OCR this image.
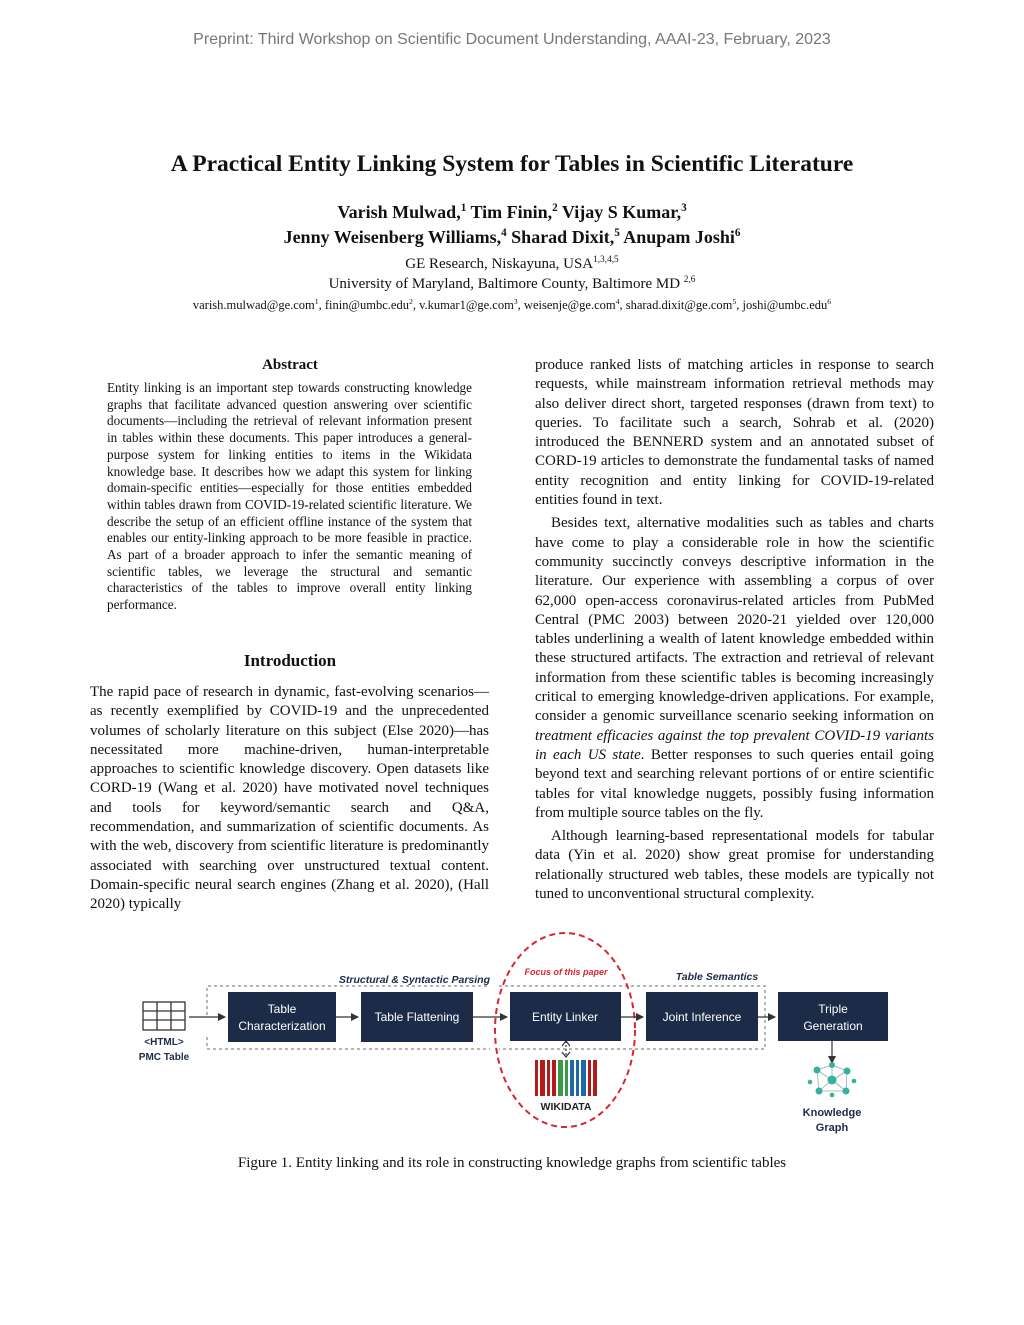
Preprint: Third Workshop on Scientific Document Understanding, AAAI-23, February, 2023
A Practical Entity Linking System for Tables in Scientific Literature
Varish Mulwad,$^1$ Tim Finin,$^2$ Vijay S Kumar,$^3$
Jenny Weisenberg Williams,$^4$ Sharad Dixit,$^5$ Anupam Joshi$^6$
GE Research, Niskayuna, USA$^{1,3,4,5}$
University of Maryland, Baltimore County, Baltimore MD $^{2,6}$
varish.mulwad@ge.com$^1$, finin@umbc.edu$^2$, v.kumar1@ge.com$^3$, weisenje@ge.com$^4$, sharad.dixit@ge.com$^5$, joshi@umbc.edu$^6$
Abstract

Entity linking is an important step towards constructing knowledge graphs that facilitate advanced question answering over scientific documents—including the retrieval of relevant information present in tables within these documents. This paper introduces a general-purpose system for linking entities to items in the Wikidata knowledge base. It describes how we adapt this system for linking domain-specific entities—especially for those entities embedded within tables drawn from COVID-19-related scientific literature. We describe the setup of an efficient offline instance of the system that enables our entity-linking approach to be more feasible in practice. As part of a broader approach to infer the semantic meaning of scientific tables, we leverage the structural and semantic characteristics of the tables to improve overall entity linking performance.

Introduction

The rapid pace of research in dynamic, fast-evolving scenarios—as recently exemplified by COVID-19 and the unprecedented volumes of scholarly literature on this subject (Else 2020)—has necessitated more machine-driven, human-interpretable approaches to scientific knowledge discovery. Open datasets like CORD-19 (Wang et al. 2020) have motivated novel techniques and tools for keyword/semantic search and Q&A, recommendation, and summarization of scientific documents. As with the web, discovery from scientific literature is predominantly associated with searching over unstructured textual content. Domain-specific neural search engines (Zhang et al. 2020), (Hall 2020) typically

produce ranked lists of matching articles in response to search requests, while mainstream information retrieval methods may also deliver direct short, targeted responses (drawn from text) to queries. To facilitate such a search, Sohrab et al. (2020) introduced the BENNERD system and an annotated subset of CORD-19 articles to demonstrate the fundamental tasks of named entity recognition and entity linking for COVID-19-related entities found in text.

Besides text, alternative modalities such as tables and charts have come to play a considerable role in how the scientific community succinctly conveys descriptive information in the literature. Our experience with assembling a corpus of over 62,000 open-access coronavirus-related articles from PubMed Central (PMC 2003) between 2020-21 yielded over 120,000 tables underlining a wealth of latent knowledge embedded within these structured artifacts. The extraction and retrieval of relevant information from these scientific tables is becoming increasingly critical to emerging knowledge-driven applications. For example, consider a genomic surveillance scenario seeking information on treatment efficacies against the top prevalent COVID-19 variants in each US state. Better responses to such queries entail going beyond text and searching relevant portions of or entire scientific tables for vital knowledge nuggets, possibly fusing information from multiple source tables on the fly.

Although learning-based representational models for tabular data (Yin et al. 2020) show great promise for understanding relationally structured web tables, these models are typically not tuned to unconventional structural complexity.

Structural & Syntactic Parsing	Table Semantics
Focus of this paper
<HTML>
PMC Table
Table
Characterization
Table Flattening	Entity Linker	Joint Inference
Triple
Generation
WIKIDATA	Knowledge
Graph
Figure 1. Entity linking and its role in constructing knowledge graphs from scientific tables
